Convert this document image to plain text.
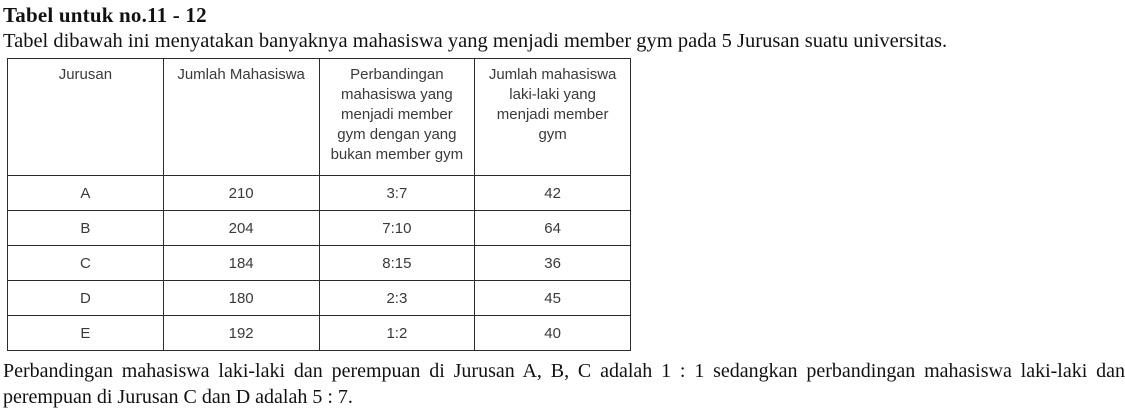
Tabel untuk no.11 - 12

Tabel dibawah ini menyatakan banyaknya mahasiswa yang menjadi member gym pada 5 Jurusan suatu universitas.

Jurusan	Jumlah Mahasiswa	Perbandingan mahasiswa yang menjadi member gym dengan yang bukan member gym	Jumlah mahasiswa laki-laki yang menjadi member gym
A	210	3:7	42
B	204	7:10	64
C	184	8:15	36
D	180	2:3	45
E	192	1:2	40

Perbandingan mahasiswa laki-laki dan perempuan di Jurusan A, B, C adalah 1 : 1 sedangkan perbandingan mahasiswa laki-laki dan perempuan di Jurusan C dan D adalah 5 : 7.
